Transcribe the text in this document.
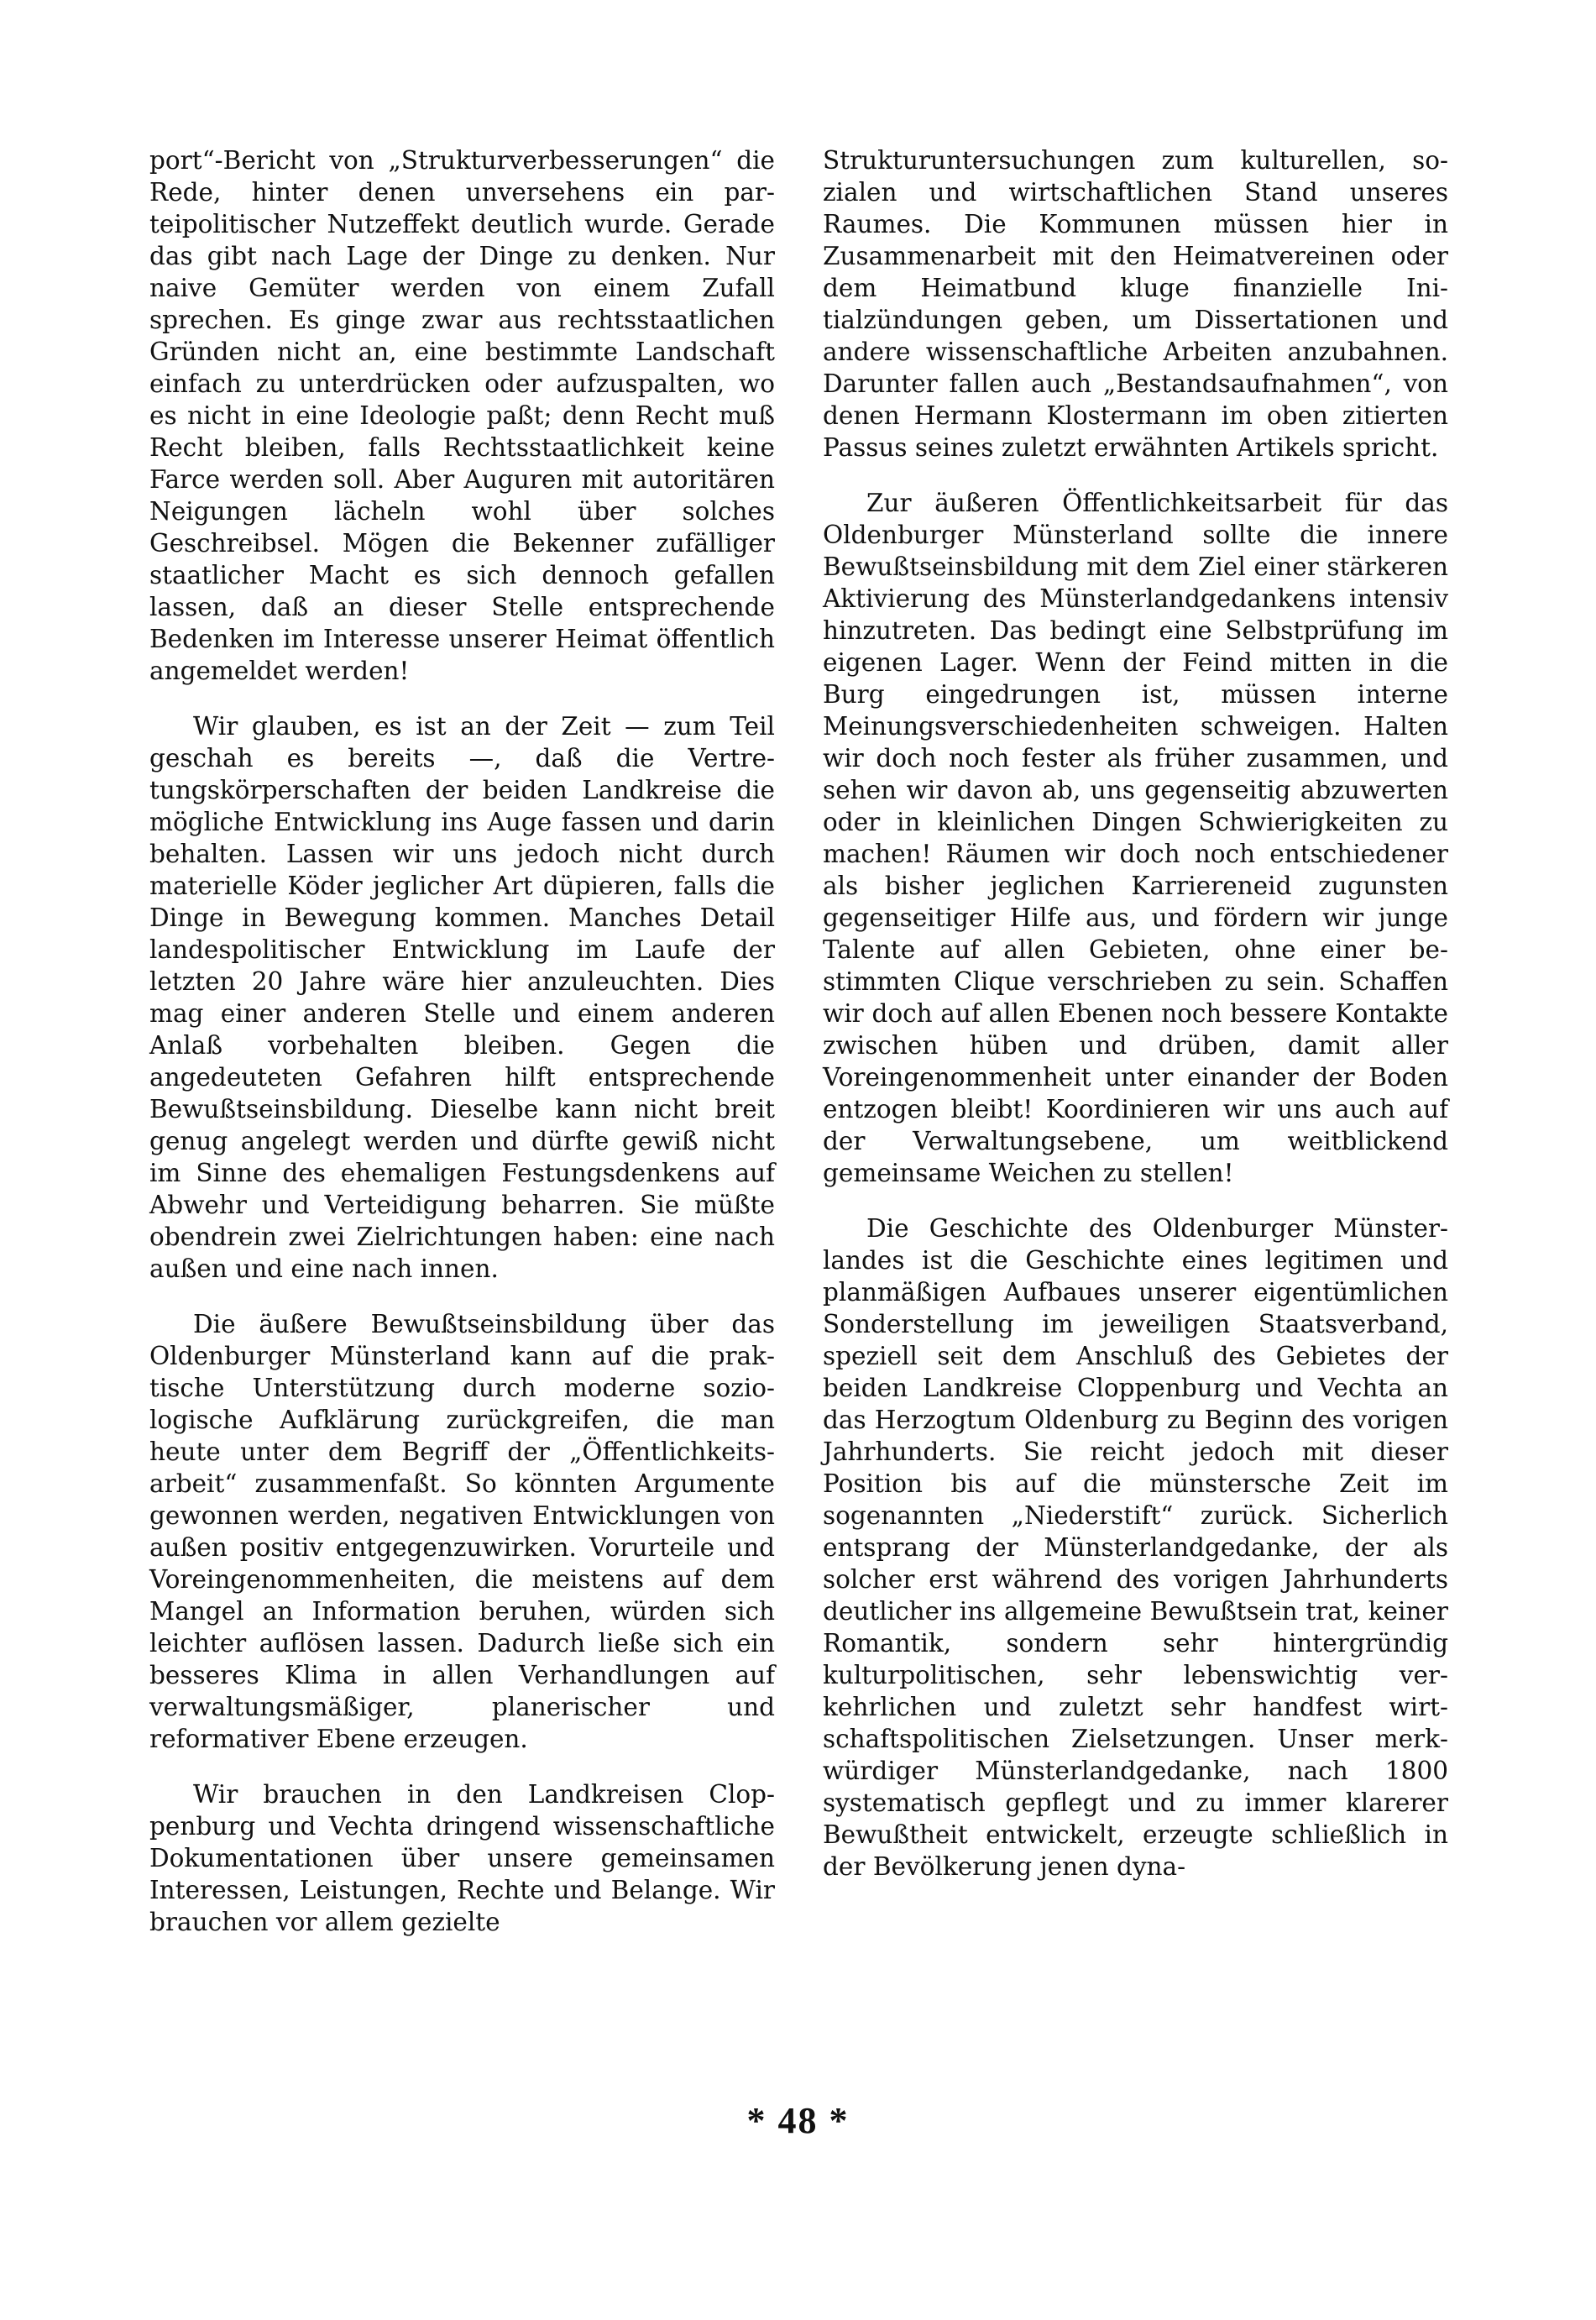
port“-Bericht von „Strukturverbesserungen“ die Rede, hinter denen unversehens ein parteipolitischer Nutzeffekt deutlich wurde. Gerade das gibt nach Lage der Dinge zu denken. Nur naive Gemüter werden von einem Zufall sprechen. Es ginge zwar aus rechtsstaatlichen Gründen nicht an, eine bestimmte Landschaft einfach zu unterdrücken oder aufzuspalten, wo es nicht in eine Ideologie paßt; denn Recht muß Recht bleiben, falls Rechtsstaatlichkeit keine Farce werden soll. Aber Auguren mit autoritären Neigungen lächeln wohl über solches Geschreibsel. Mögen die Bekenner zufälliger staatlicher Macht es sich dennoch gefallen lassen, daß an dieser Stelle entsprechende Bedenken im Interesse unserer Heimat öffentlich angemeldet werden!

Wir glauben, es ist an der Zeit — zum Teil geschah es bereits —, daß die Vertretungskörperschaften der beiden Landkreise die mögliche Entwicklung ins Auge fassen und darin behalten. Lassen wir uns jedoch nicht durch materielle Köder jeglicher Art düpieren, falls die Dinge in Bewegung kommen. Manches Detail landespolitischer Entwicklung im Laufe der letzten 20 Jahre wäre hier anzuleuchten. Dies mag einer anderen Stelle und einem anderen Anlaß vorbehalten bleiben. Gegen die angedeuteten Gefahren hilft entsprechende Bewußtseinsbildung. Dieselbe kann nicht breit genug angelegt werden und dürfte gewiß nicht im Sinne des ehemaligen Festungsdenkens auf Abwehr und Verteidigung beharren. Sie müßte obendrein zwei Zielrichtungen haben: eine nach außen und eine nach innen.

Die äußere Bewußtseinsbildung über das Oldenburger Münsterland kann auf die praktische Unterstützung durch moderne soziologische Aufklärung zurückgreifen, die man heute unter dem Begriff der „Öffentlichkeitsarbeit“ zusammenfaßt. So könnten Argumente gewonnen werden, negativen Entwicklungen von außen positiv entgegenzuwirken. Vorurteile und Voreingenommenheiten, die meistens auf dem Mangel an Information beruhen, würden sich leichter auflösen lassen. Dadurch ließe sich ein besseres Klima in allen Verhandlungen auf verwaltungsmäßiger, planerischer und reformativer Ebene erzeugen.

Wir brauchen in den Landkreisen Cloppenburg und Vechta dringend wissenschaftliche Dokumentationen über unsere gemeinsamen Interessen, Leistungen, Rechte und Belange. Wir brauchen vor allem gezielte

Strukturuntersuchungen zum kulturellen, sozialen und wirtschaftlichen Stand unseres Raumes. Die Kommunen müssen hier in Zusammenarbeit mit den Heimatvereinen oder dem Heimatbund kluge finanzielle Initialzündungen geben, um Dissertationen und andere wissenschaftliche Arbeiten anzubahnen. Darunter fallen auch „Bestandsaufnahmen“, von denen Hermann Klostermann im oben zitierten Passus seines zuletzt erwähnten Artikels spricht.

Zur äußeren Öffentlichkeitsarbeit für das Oldenburger Münsterland sollte die innere Bewußtseinsbildung mit dem Ziel einer stärkeren Aktivierung des Münsterlandgedankens intensiv hinzutreten. Das bedingt eine Selbstprüfung im eigenen Lager. Wenn der Feind mitten in die Burg eingedrungen ist, müssen interne Meinungsverschiedenheiten schweigen. Halten wir doch noch fester als früher zusammen, und sehen wir davon ab, uns gegenseitig abzuwerten oder in kleinlichen Dingen Schwierigkeiten zu machen! Räumen wir doch noch entschiedener als bisher jeglichen Karriereneid zugunsten gegenseitiger Hilfe aus, und fördern wir junge Talente auf allen Gebieten, ohne einer bestimmten Clique verschrieben zu sein. Schaffen wir doch auf allen Ebenen noch bessere Kontakte zwischen hüben und drüben, damit aller Voreingenommenheit unter einander der Boden entzogen bleibt! Koordinieren wir uns auch auf der Verwaltungsebene, um weitblickend gemeinsame Weichen zu stellen!

Die Geschichte des Oldenburger Münsterlandes ist die Geschichte eines legitimen und planmäßigen Aufbaues unserer eigentümlichen Sonderstellung im jeweiligen Staatsverband, speziell seit dem Anschluß des Gebietes der beiden Landkreise Cloppenburg und Vechta an das Herzogtum Oldenburg zu Beginn des vorigen Jahrhunderts. Sie reicht jedoch mit dieser Position bis auf die münstersche Zeit im sogenannten „Niederstift“ zurück. Sicherlich entsprang der Münsterlandgedanke, der als solcher erst während des vorigen Jahrhunderts deutlicher ins allgemeine Bewußtsein trat, keiner Romantik, sondern sehr hintergründig kulturpolitischen, sehr lebenswichtig verkehrlichen und zuletzt sehr handfest wirtschaftspolitischen Zielsetzungen. Unser merkwürdiger Münsterlandgedanke, nach 1800 systematisch gepflegt und zu immer klarerer Bewußtheit entwickelt, erzeugte schließlich in der Bevölkerung jenen dyna-

* 48 *
